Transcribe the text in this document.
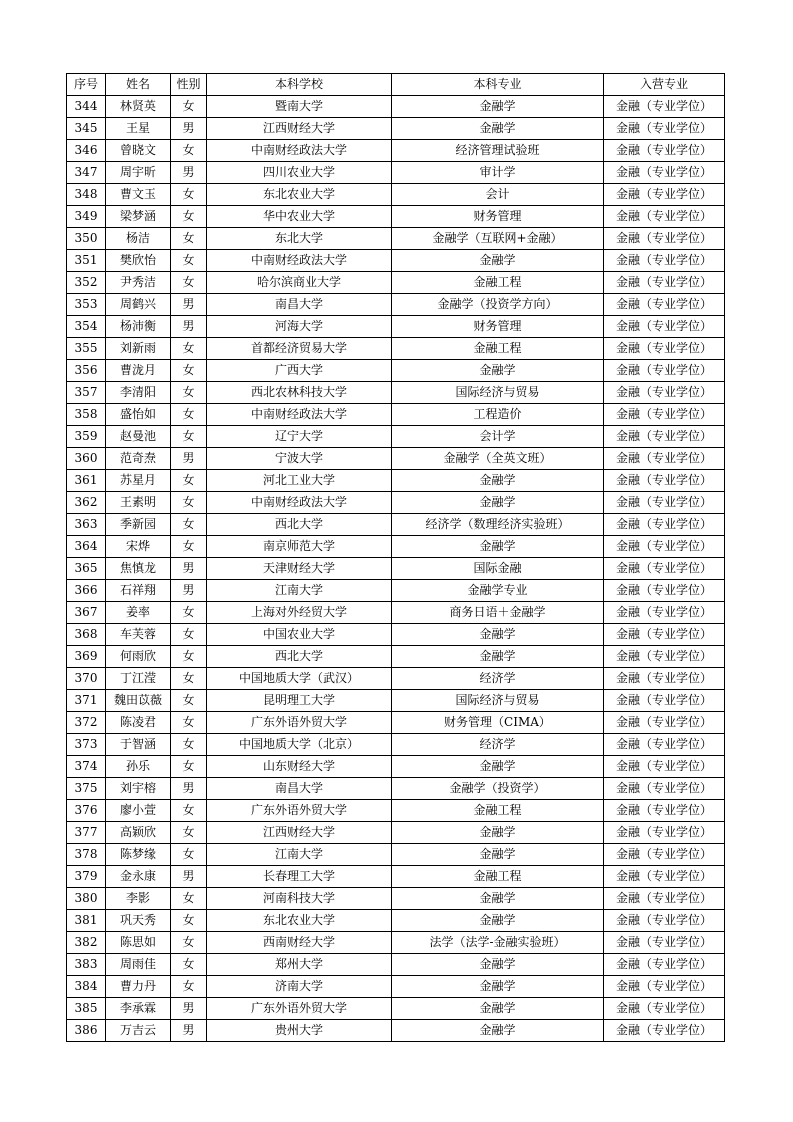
序号	姓名	性别	本科学校	本科专业	入营专业
344	林贤英	女	暨南大学	金融学	金融（专业学位）
345	王星	男	江西财经大学	金融学	金融（专业学位）
346	曾晓文	女	中南财经政法大学	经济管理试验班	金融（专业学位）
347	周宇昕	男	四川农业大学	审计学	金融（专业学位）
348	曹文玉	女	东北农业大学	会计	金融（专业学位）
349	梁梦涵	女	华中农业大学	财务管理	金融（专业学位）
350	杨洁	女	东北大学	金融学（互联网+金融）	金融（专业学位）
351	樊欣怡	女	中南财经政法大学	金融学	金融（专业学位）
352	尹秀洁	女	哈尔滨商业大学	金融工程	金融（专业学位）
353	周鹤兴	男	南昌大学	金融学（投资学方向）	金融（专业学位）
354	杨沛衡	男	河海大学	财务管理	金融（专业学位）
355	刘新雨	女	首都经济贸易大学	金融工程	金融（专业学位）
356	曹泷月	女	广西大学	金融学	金融（专业学位）
357	李清阳	女	西北农林科技大学	国际经济与贸易	金融（专业学位）
358	盛怡如	女	中南财经政法大学	工程造价	金融（专业学位）
359	赵曼池	女	辽宁大学	会计学	金融（专业学位）
360	范奇焘	男	宁波大学	金融学（全英文班）	金融（专业学位）
361	苏星月	女	河北工业大学	金融学	金融（专业学位）
362	王素明	女	中南财经政法大学	金融学	金融（专业学位）
363	季新园	女	西北大学	经济学（数理经济实验班）	金融（专业学位）
364	宋烨	女	南京师范大学	金融学	金融（专业学位）
365	焦慎龙	男	天津财经大学	国际金融	金融（专业学位）
366	石祥翔	男	江南大学	金融学专业	金融（专业学位）
367	姜率	女	上海对外经贸大学	商务日语＋金融学	金融（专业学位）
368	车芙蓉	女	中国农业大学	金融学	金融（专业学位）
369	何雨欣	女	西北大学	金融学	金融（专业学位）
370	丁江滢	女	中国地质大学（武汉）	经济学	金融（专业学位）
371	魏田苡薇	女	昆明理工大学	国际经济与贸易	金融（专业学位）
372	陈凌君	女	广东外语外贸大学	财务管理（CIMA）	金融（专业学位）
373	于智涵	女	中国地质大学（北京）	经济学	金融（专业学位）
374	孙乐	女	山东财经大学	金融学	金融（专业学位）
375	刘宇榕	男	南昌大学	金融学（投资学）	金融（专业学位）
376	廖小萱	女	广东外语外贸大学	金融工程	金融（专业学位）
377	高颖欣	女	江西财经大学	金融学	金融（专业学位）
378	陈梦缘	女	江南大学	金融学	金融（专业学位）
379	金永康	男	长春理工大学	金融工程	金融（专业学位）
380	李影	女	河南科技大学	金融学	金融（专业学位）
381	巩天秀	女	东北农业大学	金融学	金融（专业学位）
382	陈思如	女	西南财经大学	法学（法学-金融实验班）	金融（专业学位）
383	周雨佳	女	郑州大学	金融学	金融（专业学位）
384	曹力丹	女	济南大学	金融学	金融（专业学位）
385	李承霖	男	广东外语外贸大学	金融学	金融（专业学位）
386	万吉云	男	贵州大学	金融学	金融（专业学位）
